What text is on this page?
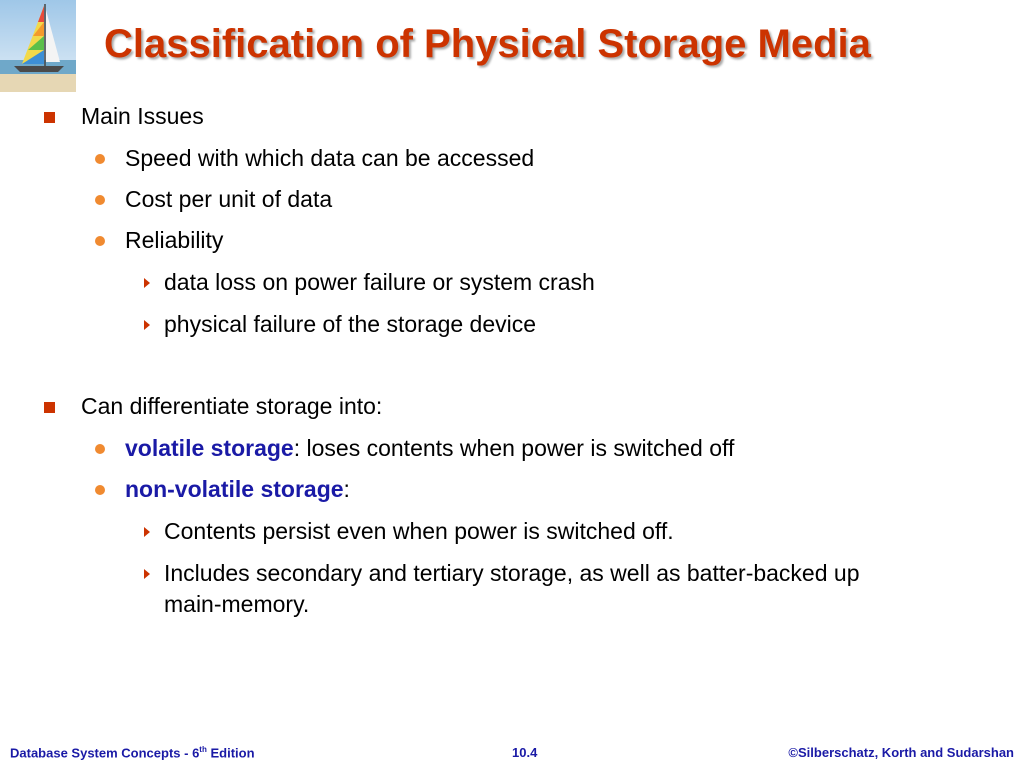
Classification of Physical Storage Media
Main Issues
Speed with which data can be accessed
Cost per unit of data
Reliability
data loss on power failure or system crash
physical failure of the storage device
Can differentiate storage into:
volatile storage: loses contents when power is switched off
non-volatile storage:
Contents persist even when power is switched off.
Includes secondary and tertiary storage, as well as batter-backed up
main-memory.
Database System Concepts - 6th Edition	10.4	©Silberschatz, Korth and Sudarshan
